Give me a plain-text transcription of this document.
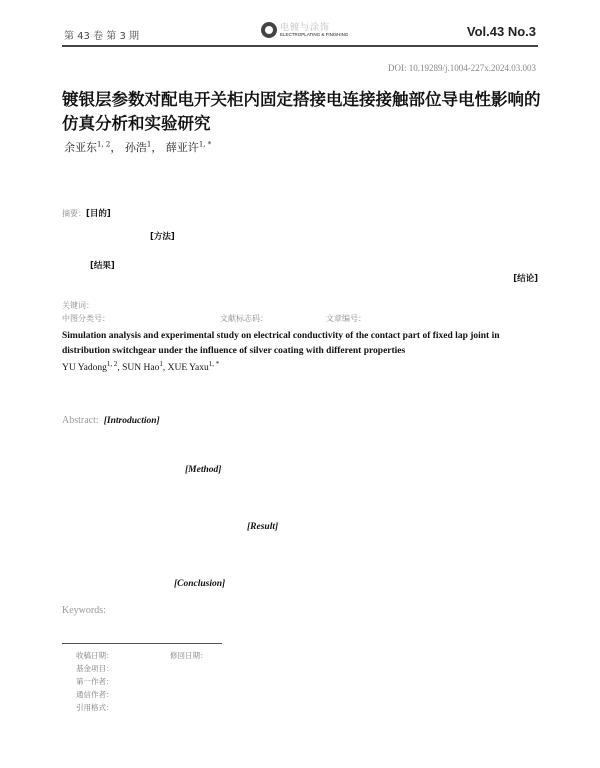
第 43 卷 第 3 期
电镀与涂饰
ELECTROPLATING & FINISHING	Vol.43 No.3
DOI: 10.19289/j.1004-227x.2024.03.003
镀银层参数对配电开关柜内固定搭接电连接接触部位导电性影响的仿真分析和实验研究
余亚东$^{1, 2}$， 孙浩$^1$， 薛亚许$^{1, *}$
摘要：[目的]
[方法]
[结果]
[结论]
关键词：
中图分类号：	文献标志码：	文章编号：
Simulation analysis and experimental study on electrical conductivity of the contact part of fixed lap joint in distribution switchgear under the influence of silver coating with different properties
YU Yadong$^{1, 2}$, SUN Hao$^1$, XUE Yaxu$^{1, *}$
Abstract: [Introduction]
[Method]
[Result]
[Conclusion]
Keywords:
收稿日期：	修回日期：
基金项目：
第一作者：
通信作者：
引用格式：
